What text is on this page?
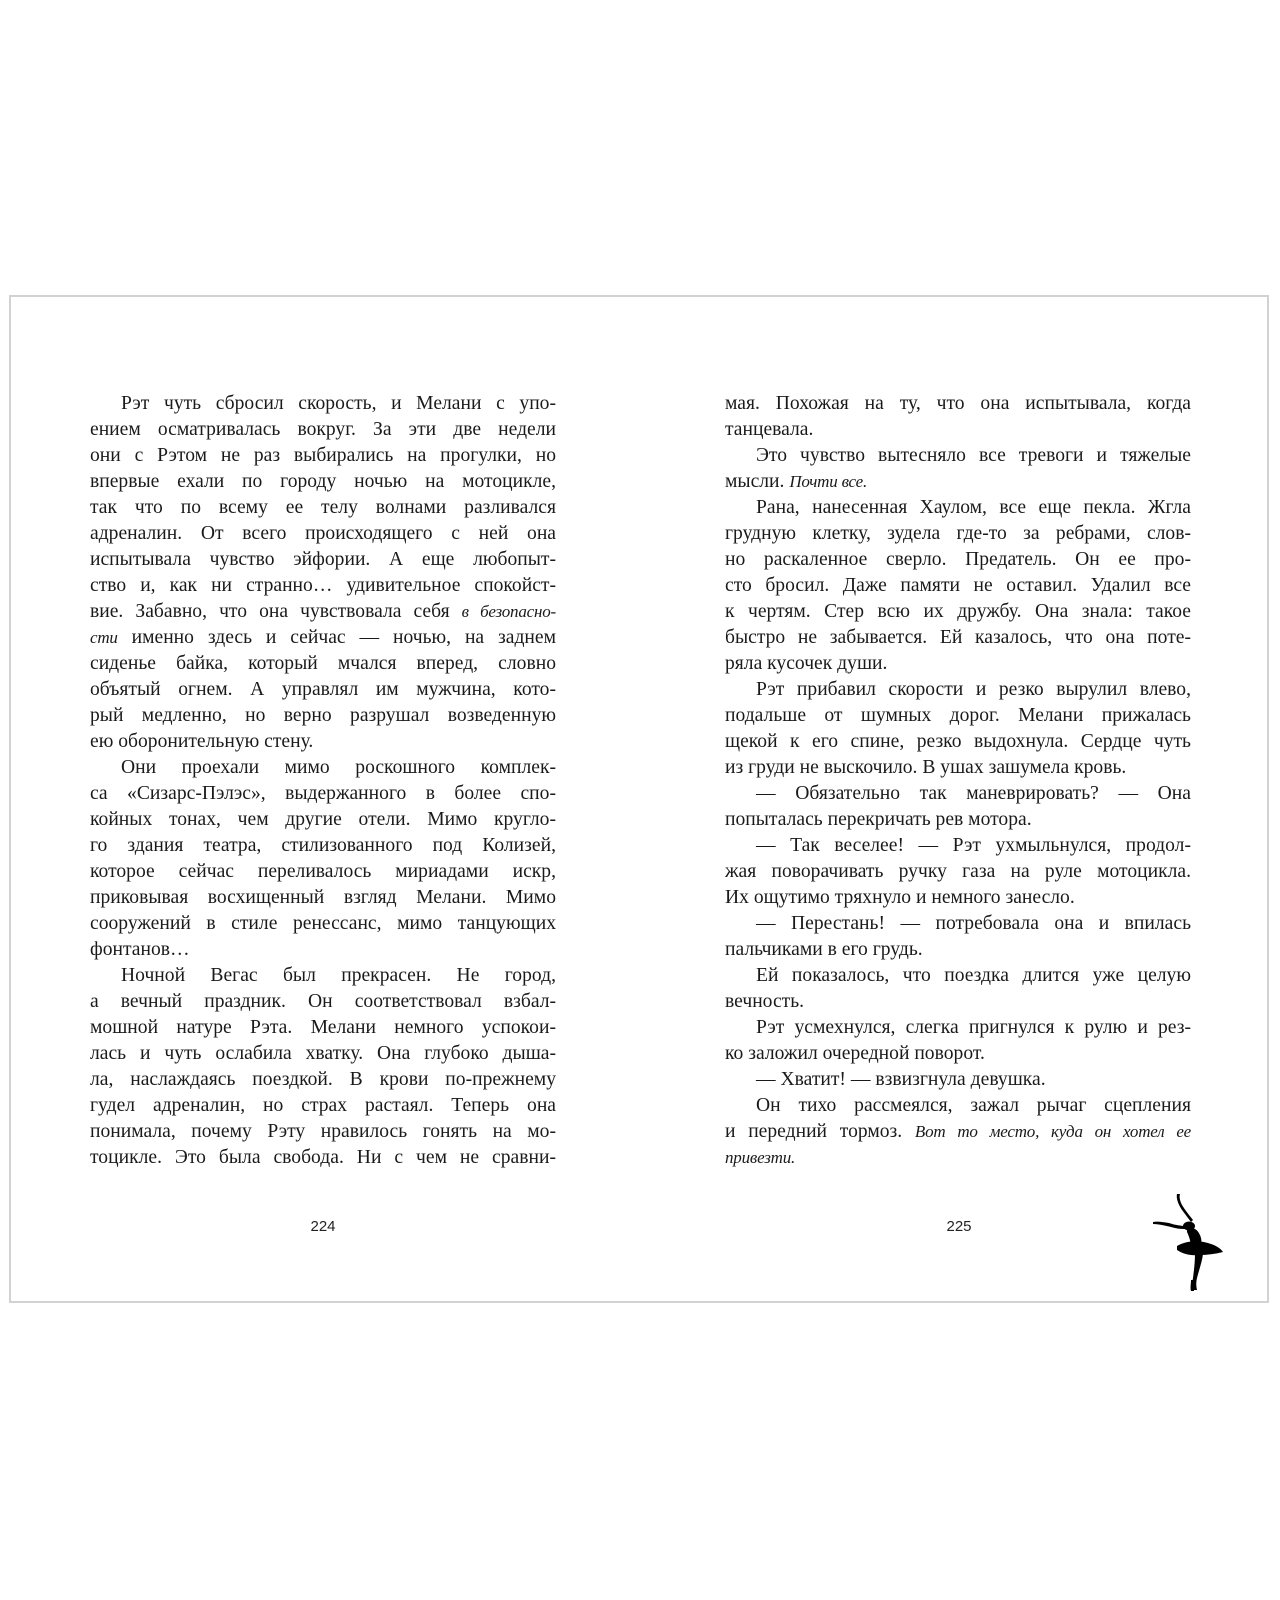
Рэт чуть сбросил скорость, и Мелани с упо-
ением осматривалась вокруг. За эти две недели
они с Рэтом не раз выбирались на прогулки, но
впервые ехали по городу ночью на мотоцикле,
так что по всему ее телу волнами разливался
адреналин. От всего происходящего с ней она
испытывала чувство эйфории. А еще любопыт-
ство и, как ни странно… удивительное спокойст-
вие. Забавно, что она чувствовала себя в безопасно-
сти именно здесь и сейчас — ночью, на заднем
сиденье байка, который мчался вперед, словно
объятый огнем. А управлял им мужчина, кото-
рый медленно, но верно разрушал возведенную
ею оборонительную стену.
Они проехали мимо роскошного комплек-
са «Сизарс-Пэлэс», выдержанного в более спо-
койных тонах, чем другие отели. Мимо кругло-
го здания театра, стилизованного под Колизей,
которое сейчас переливалось мириадами искр,
приковывая восхищенный взгляд Мелани. Мимо
сооружений в стиле ренессанс, мимо танцующих
фонтанов…
Ночной Вегас был прекрасен. Не город,
а вечный праздник. Он соответствовал взбал-
мошной натуре Рэта. Мелани немного успокои-
лась и чуть ослабила хватку. Она глубоко дыша-
ла, наслаждаясь поездкой. В крови по-прежнему
гудел адреналин, но страх растаял. Теперь она
понимала, почему Рэту нравилось гонять на мо-
тоцикле. Это была свобода. Ни с чем не сравни-
224
мая. Похожая на ту, что она испытывала, когда
танцевала.
Это чувство вытесняло все тревоги и тяжелые
мысли. Почти все.
Рана, нанесенная Хаулом, все еще пекла. Жгла
грудную клетку, зудела где-то за ребрами, слов-
но раскаленное сверло. Предатель. Он ее про-
сто бросил. Даже памяти не оставил. Удалил все
к чертям. Стер всю их дружбу. Она знала: такое
быстро не забывается. Ей казалось, что она поте-
ряла кусочек души.
Рэт прибавил скорости и резко вырулил влево,
подальше от шумных дорог. Мелани прижалась
щекой к его спине, резко выдохнула. Сердце чуть
из груди не выскочило. В ушах зашумела кровь.
— Обязательно так маневрировать? — Она
попыталась перекричать рев мотора.
— Так веселее! — Рэт ухмыльнулся, продол-
жая поворачивать ручку газа на руле мотоцикла.
Их ощутимо тряхнуло и немного занесло.
— Перестань! — потребовала она и впилась
пальчиками в его грудь.
Ей показалось, что поездка длится уже целую
вечность.
Рэт усмехнулся, слегка пригнулся к рулю и рез-
ко заложил очередной поворот.
— Хватит! — взвизгнула девушка.
Он тихо рассмеялся, зажал рычаг сцепления
и передний тормоз. Вот то место, куда он хотел ее
привезти.
225
